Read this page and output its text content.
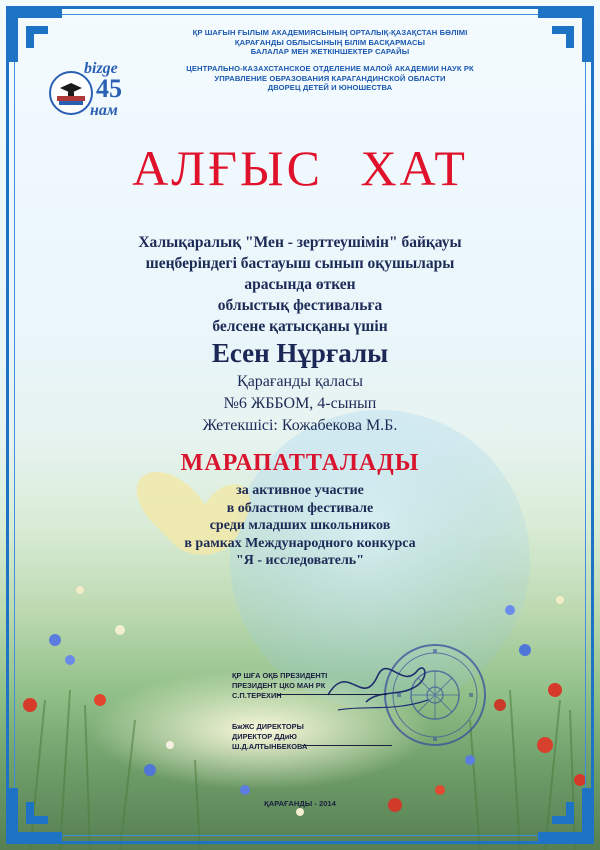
ҚР ШАҒЫН ҒЫЛЫМ АКАДЕМИЯСЫНЫҢ ОРТАЛЫҚ-ҚАЗАҚСТАН БӨЛІМІ
ҚАРАҒАНДЫ ОБЛЫСЫНЫҢ БІЛІМ БАСҚАРМАСЫ
БАЛАЛАР МЕН ЖЕТКІНШЕКТЕР САРАЙЫ
ЦЕНТРАЛЬНО-КАЗАХСТАНСКОЕ ОТДЕЛЕНИЕ МАЛОЙ АКАДЕМИИ НАУК РК
УПРАВЛЕНИЕ ОБРАЗОВАНИЯ КАРАГАНДИНСКОЙ ОБЛАСТИ
ДВОРЕЦ ДЕТЕЙ И ЮНОШЕСТВА
bizge
45
нам
АЛҒЫС ХАТ
Халықаралық "Мен - зерттеушімін" байқауы
шеңберіндегі бастауыш сынып оқушылары
арасында өткен
облыстық фестивальға
белсене қатысқаны үшін
Есен Нұрғалы
Қарағанды қаласы
№6 ЖББОМ, 4-сынып
Жетекшісі: Кожабекова М.Б.
МАРАПАТТАЛАДЫ
за активное участие
в областном фестивале
среди младших школьников
в рамках Международного конкурса
"Я - исследователь"
ҚР ШҒА ОҚБ ПРЕЗИДЕНТІ
ПРЕЗИДЕНТ ЦКО МАН РК
С.П.ТЕРЕХИН
БжЖС ДИРЕКТОРЫ
ДИРЕКТОР ДДиЮ
Ш.Д.АЛТЫНБЕКОВА
ҚАРАҒАНДЫ - 2014
